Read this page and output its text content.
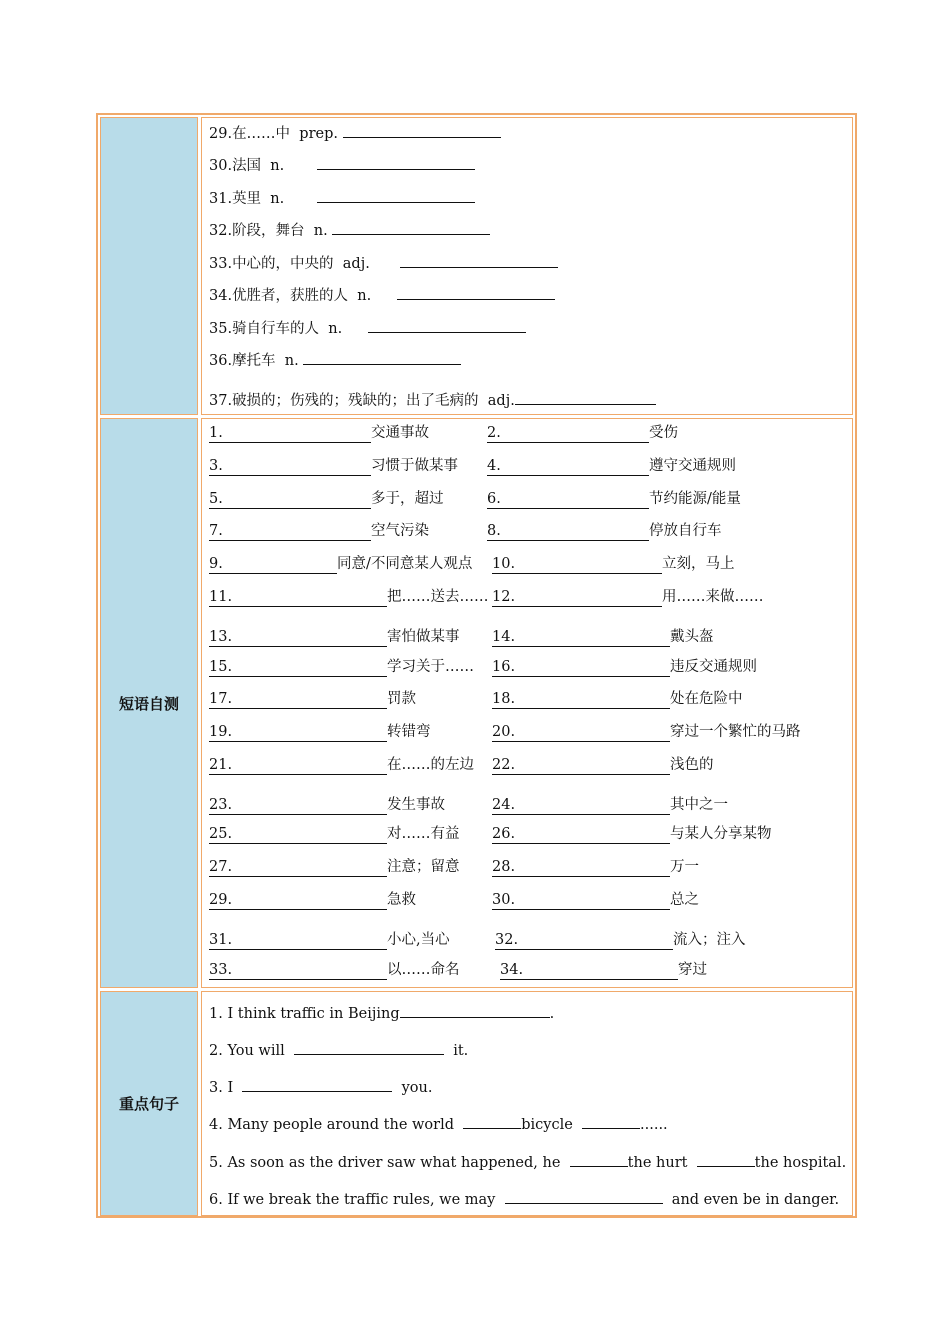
29.在……中 prep.
30.法国 n.
31.英里 n.
32.阶段，舞台 n.
33.中心的，中央的 adj.
34.优胜者，获胜的人 n.
35.骑自行车的人 n.
36.摩托车 n.
37.破损的；伤残的；残缺的；出了毛病的 adj.
短语自测
1.	交通事故	2.	受伤
3.	习惯于做某事 4.	遵守交通规则
5.	多于，超过	6.	节约能源/能量
7.	空气污染	8.	停放自行车
9.	同意/不同意某人观点 10.	立刻，马上
11.	把……送去…… 12.	用……来做……
13.	害怕做某事 14.	戴头盔
15.	学习关于…… 16.	违反交通规则
17.	罚款	18.	处在危险中
19.	转错弯	20.	穿过一个繁忙的马路
21.	在……的左边 22.	浅色的
23.	发生事故	24.	其中之一
25.	对……有益 26.	与某人分享某物
27.	注意；留意 28.	万一
29.	急救	30.	总之
31.	小心,当心	32.	流入；注入
33.	以……命名	34.	穿过
重点句子
1. I think traffic in Beijing	.
2. You will	it.
3. I	you.
4. Many people around the world	bicycle	......
5. As soon as the driver saw what happened, he	the hurt	the hospital.
6. If we break the traffic rules, we may	and even be in danger.
